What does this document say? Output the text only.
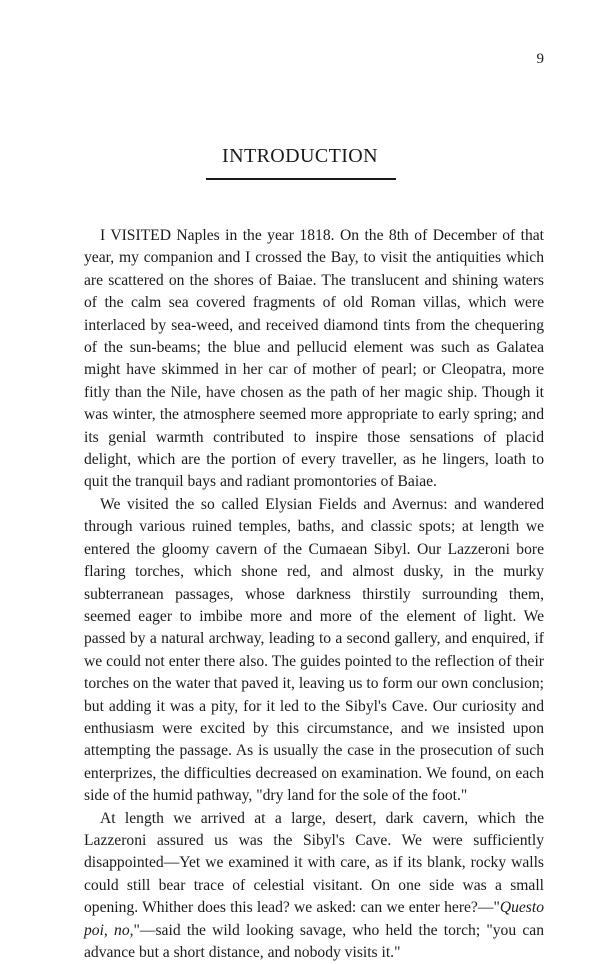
9
INTRODUCTION

I VISITED Naples in the year 1818. On the 8th of December of that year, my companion and I crossed the Bay, to visit the antiquities which are scattered on the shores of Baiae. The translucent and shining waters of the calm sea covered fragments of old Roman villas, which were interlaced by sea-weed, and received diamond tints from the chequering of the sun-beams; the blue and pellucid element was such as Galatea might have skimmed in her car of mother of pearl; or Cleopatra, more fitly than the Nile, have chosen as the path of her magic ship. Though it was winter, the atmosphere seemed more appropriate to early spring; and its genial warmth contributed to inspire those sensations of placid delight, which are the portion of every traveller, as he lingers, loath to quit the tranquil bays and radiant promontories of Baiae.

We visited the so called Elysian Fields and Avernus: and wandered through various ruined temples, baths, and classic spots; at length we entered the gloomy cavern of the Cumaean Sibyl. Our Lazzeroni bore flaring torches, which shone red, and almost dusky, in the murky subterranean passages, whose darkness thirstily surrounding them, seemed eager to imbibe more and more of the element of light. We passed by a natural archway, leading to a second gallery, and enquired, if we could not enter there also. The guides pointed to the reflection of their torches on the water that paved it, leaving us to form our own conclusion; but adding it was a pity, for it led to the Sibyl's Cave. Our curiosity and enthusiasm were excited by this circumstance, and we insisted upon attempting the passage. As is usually the case in the prosecution of such enterprizes, the difficulties decreased on examination. We found, on each side of the humid pathway, "dry land for the sole of the foot."

At length we arrived at a large, desert, dark cavern, which the Lazzeroni assured us was the Sibyl's Cave. We were sufficiently disappointed—Yet we examined it with care, as if its blank, rocky walls could still bear trace of celestial visitant. On one side was a small opening. Whither does this lead? we asked: can we enter here?—"Questo poi, no,"—said the wild looking savage, who held the torch; "you can advance but a short distance, and nobody visits it."
